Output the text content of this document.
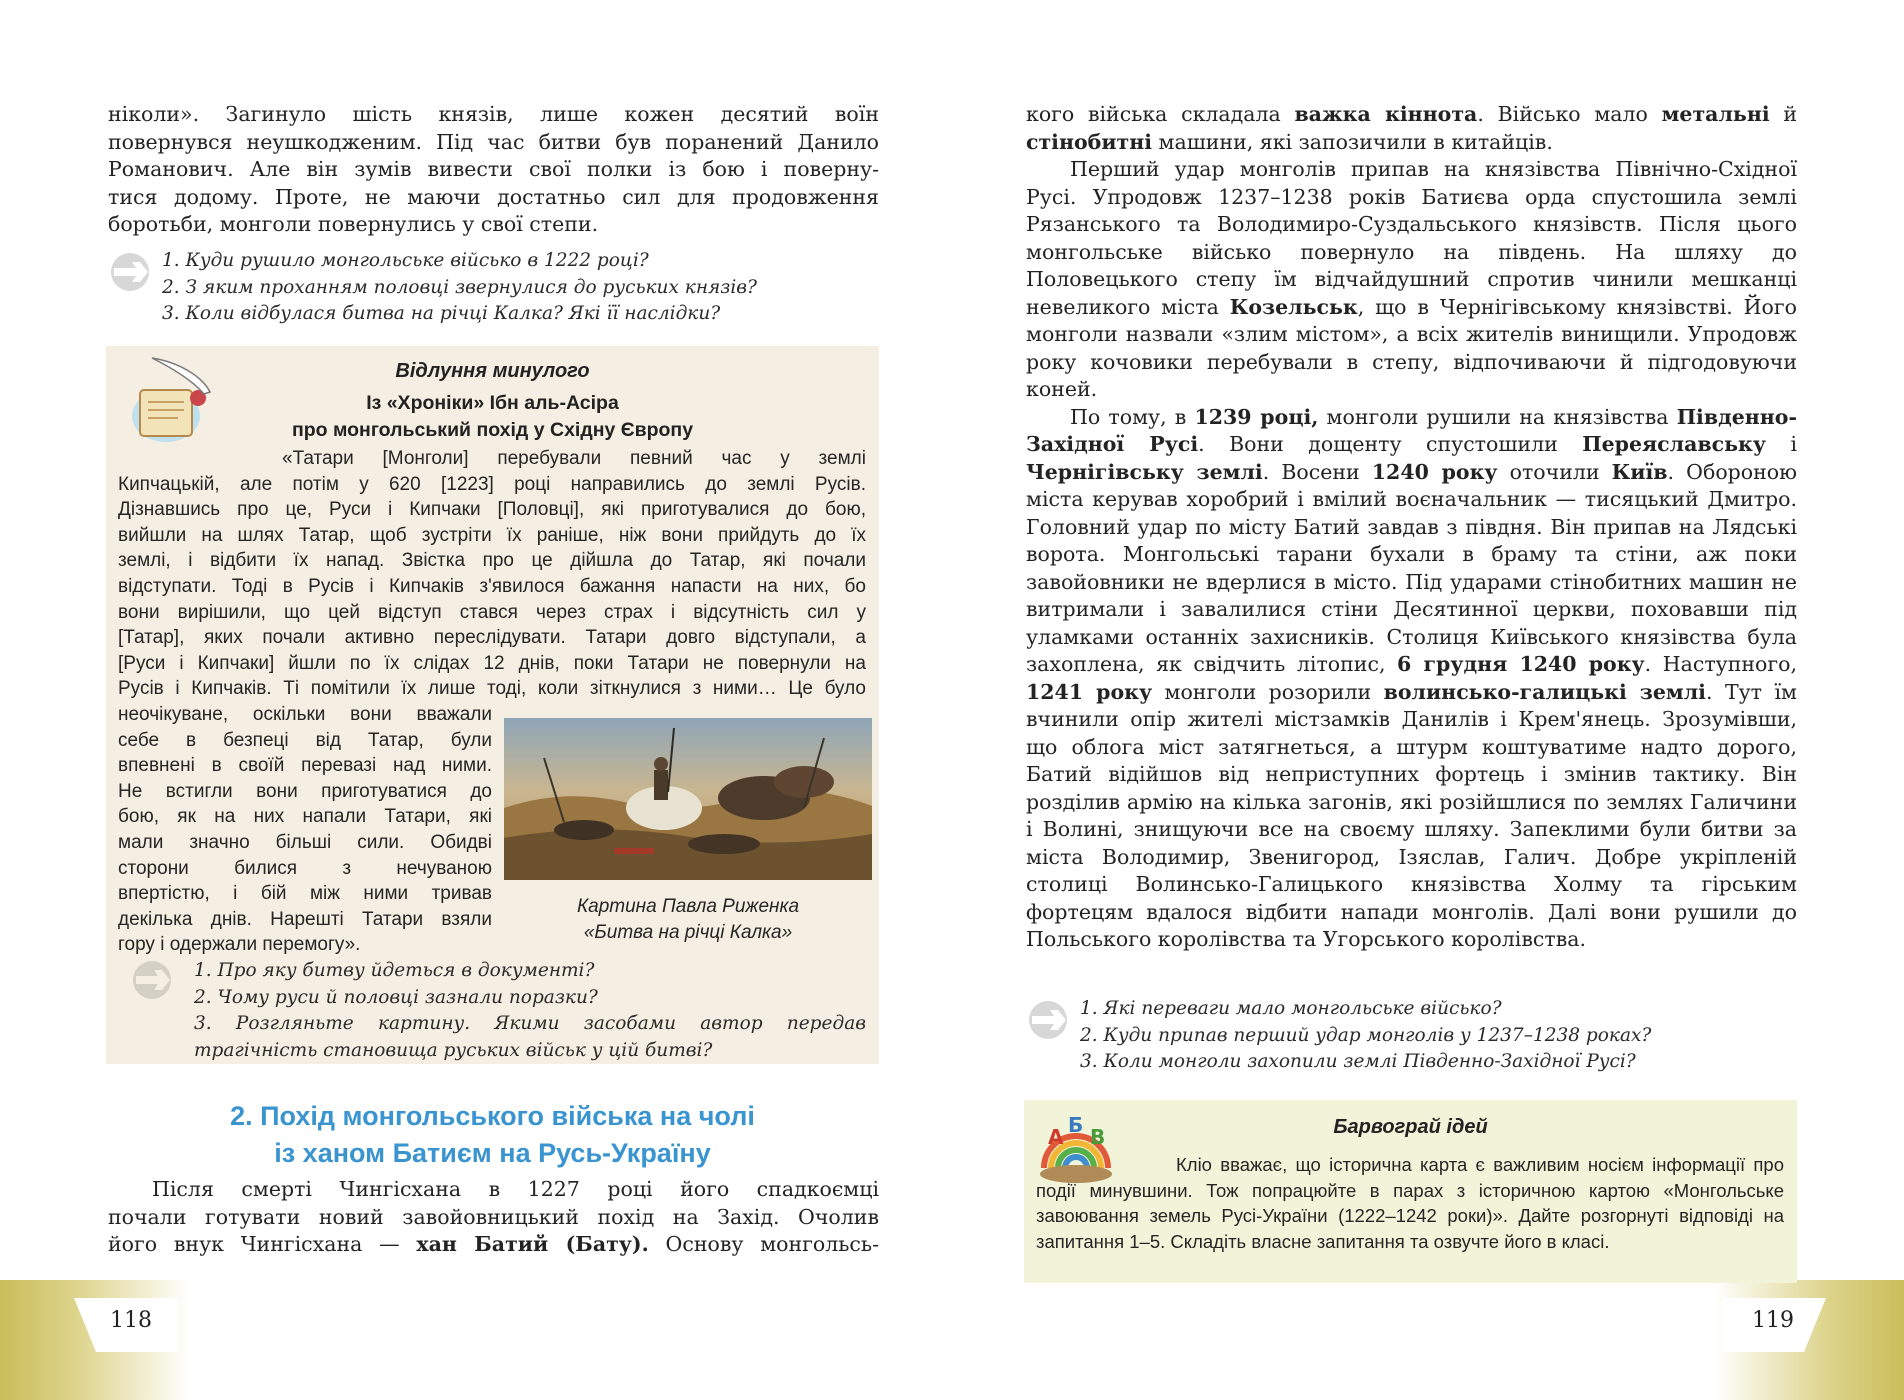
118	119
ніколи». Загинуло шість князів, лише кожен десятий воїн
повернувся неушкодженим. Під час битви був поранений Данило
Романович. Але він зумів вивести свої полки із бою і поверну-
тися додому. Проте, не маючи достатньо сил для продовження
боротьби, монголи повернулись у свої степи.

1. Куди рушило монгольське військо в 1222 році?

2. З яким проханням половці звернулися до руських князів?

3. Коли відбулася битва на річці Калка? Які її наслідки?

Відлуння минулого
Із «Хроніки» Ібн аль-Асіра
про монгольський похід у Східну Європу
«Татари [Монголи] перебували певний час у землі
Кипчацькій, але потім у 620 [1223] році направились до землі Русів.
Дізнавшись про це, Руси і Кипчаки [Половці], які приготувалися до бою,
вийшли на шлях Татар, щоб зустріти їх раніше, ніж вони прийдуть до їх
землі, і відбити їх напад. Звістка про це дійшла до Татар, які почали
відступати. Тоді в Русів і Кипчаків з'явилося бажання напасти на них, бо
вони вирішили, що цей відступ стався через страх і відсутність сил у
[Татар], яких почали активно переслідувати. Татари довго відступали, а
[Руси і Кипчаки] йшли по їх слідах 12 днів, поки Татари не повернули на
Русів і Кипчаків. Ті помітили їх лише тоді, коли зіткнулися з ними… Це було
неочікуване, оскільки вони вважали
себе в безпеці від Татар, були
впевнені в своїй перевазі над ними.
Не встигли вони приготуватися до
бою, як на них напали Татари, які
мали значно більші сили. Обидві
сторони билися з нечуваною
впертістю, і бій між ними тривав
декілька днів. Нарешті Татари взяли
гору і одержали перемогу».
Картина Павла Риженка
«Битва на річці Калка»

1. Про яку битву йдеться в документі?

2. Чому руси й половці зазнали поразки?

3. Розгляньте картину. Якими засобами автор передав

трагічність становища руських військ у цій битві?

2. Похід монгольського війська на чолі
із ханом Батиєм на Русь-Україну
Після смерті Чингісхана в 1227 році його спадкоємці
почали готувати новий завойовницький похід на Захід. Очолив
його внук Чингісхана — хан Батий (Бату). Основу монгольсь-

кого війська складала важка кіннота. Військо мало метальні й стінобитні машини, які запозичили в китайців.

Перший удар монголів припав на князівства Північно-Східної Русі. Упродовж 1237–1238 років Батиєва орда спустошила землі Рязанського та Володимиро-Суздальського князівств. Після цього монгольське військо повернуло на південь. На шляху до Половецького степу їм відчайдушний спротив чинили мешканці невеликого міста Козельськ, що в Чернігівському князівстві. Його монголи назвали «злим містом», а всіх жителів винищили. Упродовж року кочовики перебували в степу, відпочиваючи й підгодовуючи коней.

По тому, в 1239 році, монголи рушили на князівства Південно-Західної Русі. Вони дощенту спустошили Переяславську і Чернігівську землі. Восени 1240 року оточили Київ. Обороною міста керував хоробрий і вмілий воєначальник — тисяцький Дмитро. Головний удар по місту Батий завдав з півдня. Він припав на Лядські ворота. Монгольські тарани бухали в браму та стіни, аж поки завойовники не вдерлися в місто. Під ударами стінобитних машин не витримали і завалилися стіни Десятинної церкви, поховавши під уламками останніх захисників. Столиця Київського князівства була захоплена, як свідчить літопис, 6 грудня 1240 року. Наступного, 1241 року монголи розорили волинсько-галицькі землі. Тут їм вчинили опір жителі містзамків Данилів і Крем'янець. Зрозумівши, що облога міст затягнеться, а штурм коштуватиме надто дорого, Батий відійшов від неприступних фортець і змінив тактику. Він розділив армію на кілька загонів, які розійшлися по землях Галичини і Волині, знищуючи все на своєму шляху. Запеклими були битви за міста Володимир, Звенигород, Ізяслав, Галич. Добре укріпленій столиці Волинсько-Галицького князівства Холму та гірським фортецям вдалося відбити напади монголів. Далі вони рушили до Польського королівства та Угорського королівства.

1. Які переваги мало монгольське військо?

2. Куди припав перший удар монголів у 1237–1238 роках?

3. Коли монголи захопили землі Південно-Західної Русі?

А Б В	Барвограй ідей
Кліо вважає, що історична карта є важливим носієм інформації про події минувшини. Тож попрацюйте в парах з історичною картою «Монгольське завоювання земель Русі-України (1222–1242 роки)». Дайте розгорнуті відповіді на запитання 1–5. Складіть власне запитання та озвучте його в класі.
